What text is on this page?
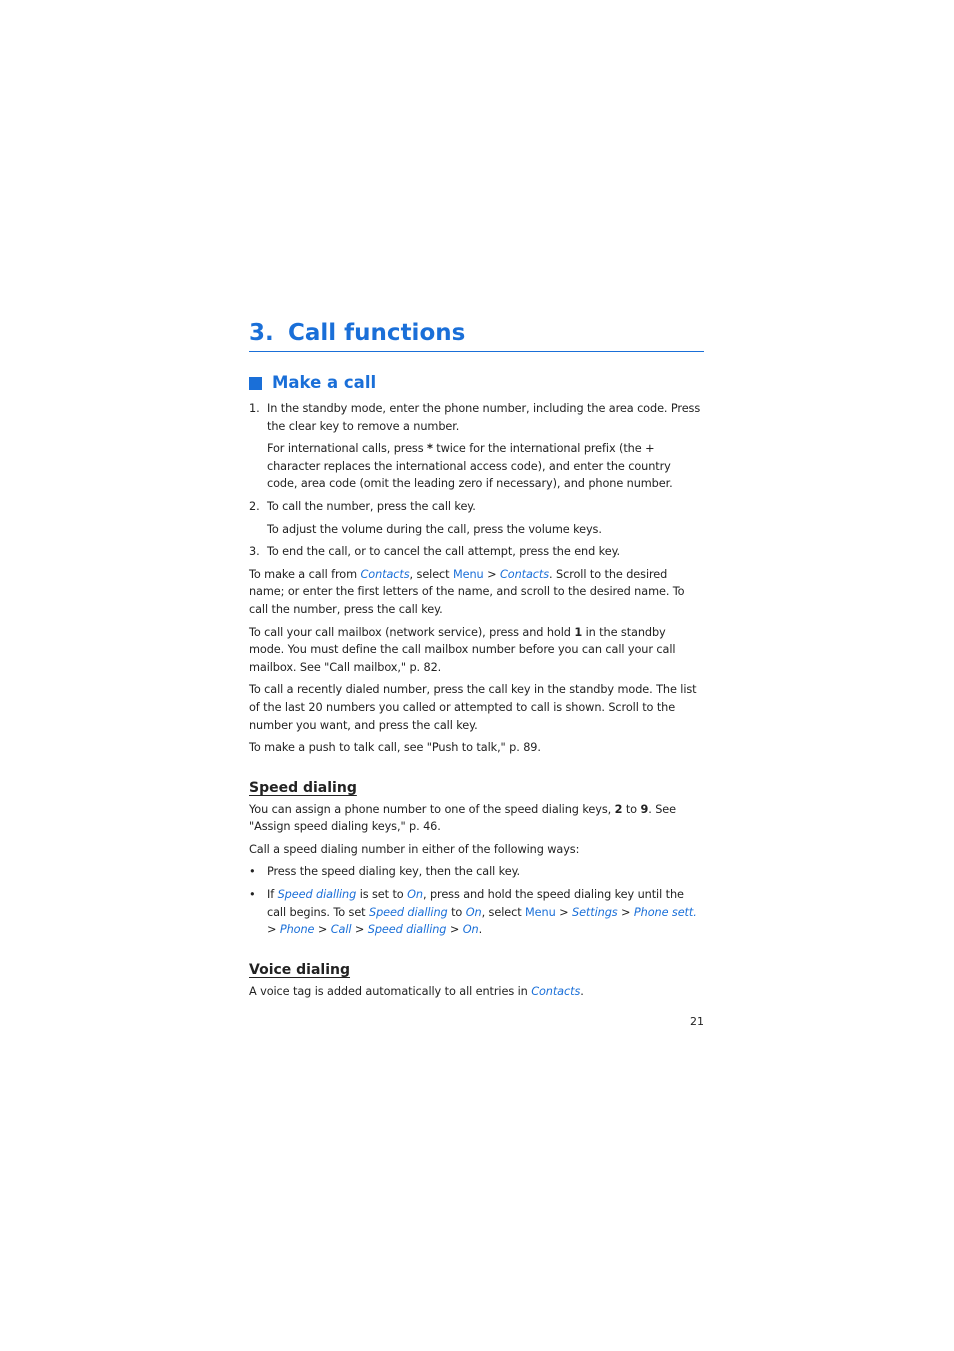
3. Call functions
Make a call
1. In the standby mode, enter the phone number, including the area code. Press the clear key to remove a number.

For international calls, press * twice for the international prefix (the + character replaces the international access code), and enter the country code, area code (omit the leading zero if necessary), and phone number.

2. To call the number, press the call key.

To adjust the volume during the call, press the volume keys.

3. To end the call, or to cancel the call attempt, press the end key.

To make a call from Contacts, select Menu > Contacts. Scroll to the desired name; or enter the first letters of the name, and scroll to the desired name. To call the number, press the call key.

To call your call mailbox (network service), press and hold 1 in the standby mode. You must define the call mailbox number before you can call your call mailbox. See "Call mailbox," p. 82.

To call a recently dialed number, press the call key in the standby mode. The list of the last 20 numbers you called or attempted to call is shown. Scroll to the number you want, and press the call key.

To make a push to talk call, see "Push to talk," p. 89.

Speed dialing

You can assign a phone number to one of the speed dialing keys, 2 to 9. See "Assign speed dialing keys," p. 46.

Call a speed dialing number in either of the following ways:

•	Press the speed dialing key, then the call key.
•	If Speed dialling is set to On, press and hold the speed dialing key until the call begins. To set Speed dialling to On, select Menu > Settings > Phone sett. > Phone > Call > Speed dialling > On.
Voice dialing

A voice tag is added automatically to all entries in Contacts.

21
